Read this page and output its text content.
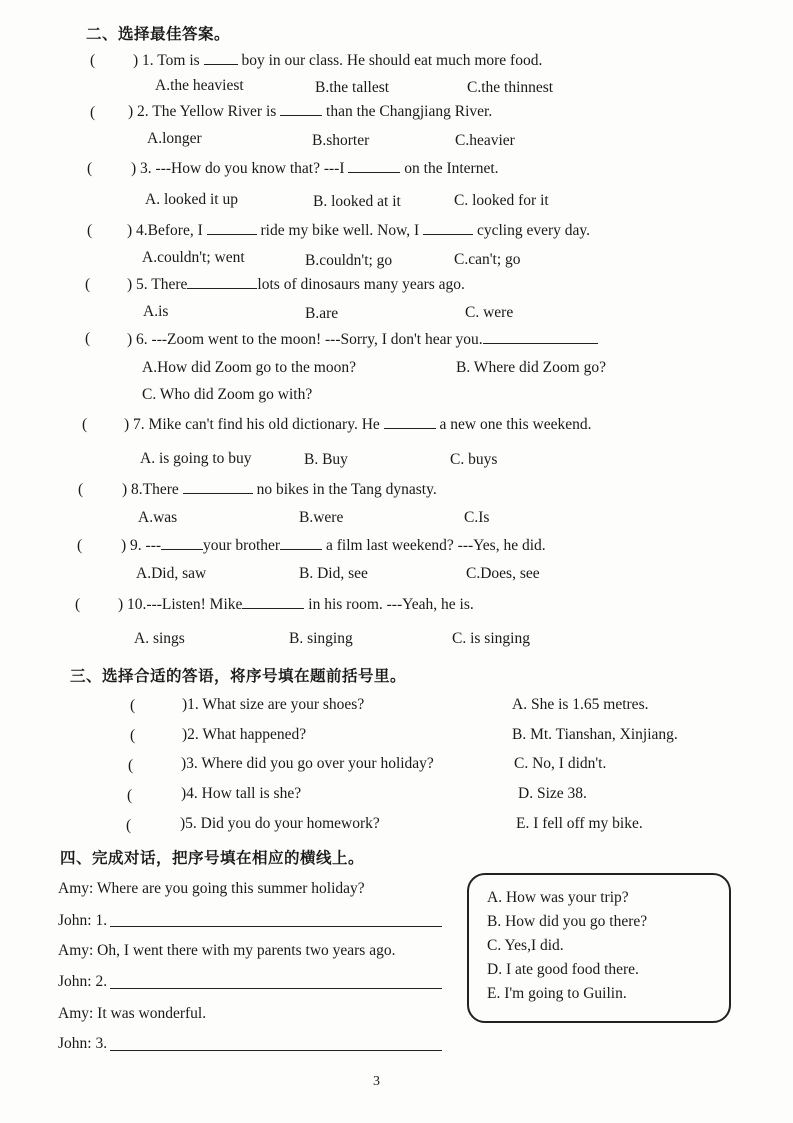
二、选择最佳答案。
( ) 1. Tom is  boy in our class. He should eat much more food.
A.the heaviest	B.the tallest	C.the thinnest
( ) 2. The Yellow River is	than the Changjiang River.
A.longer	B.shorter	C.heavier
(	) 3. ---How do you know that? ---I	on the Internet.
A. looked it up	B. looked at it	C. looked for it
( ) 4.Before, I	ride my bike well. Now, I	cycling every day.
A.couldn't; went	B.couldn't; go	C.can't; go
( ) 5. There	lots of dinosaurs many years ago.
A.is	B.are	C. were
( ) 6. ---Zoom went to the moon! ---Sorry, I don't hear you.
A.How did Zoom go to the moon?	B. Where did Zoom go?
C. Who did Zoom go with?
( ) 7. Mike can't find his old dictionary. He	a new one this weekend.
A. is going to buy	B. Buy	C. buys
(	) 8.There	no bikes in the Tang dynasty.
A.was	B.were	C.Is
(	) 9. ---	your brother	a film last weekend? ---Yes, he did.
A.Did, saw	B. Did, see	C.Does, see
( ) 10.---Listen! Mike	in his room. ---Yeah, he is.
A. sings	B. singing	C. is singing
三、选择合适的答语，将序号填在题前括号里。
(	)1. What size are your shoes?
(	)2. What happened?
(	)3. Where did you go over your holiday?
(	)4. How tall is she?
(	)5. Did you do your homework?
A. She is 1.65 metres.
B. Mt. Tianshan, Xinjiang.
C. No, I didn't.
D. Size 38.
E. I fell off my bike.
四、完成对话，把序号填在相应的横线上。
Amy: Where are you going this summer holiday?
John: 1.
Amy: Oh, I went there with my parents two years ago.
John: 2.
Amy: It was wonderful.
John: 3.
A. How was your trip?
B. How did you go there?
C. Yes,I did.
D. I ate good food there.
E. I'm going to Guilin.
3
